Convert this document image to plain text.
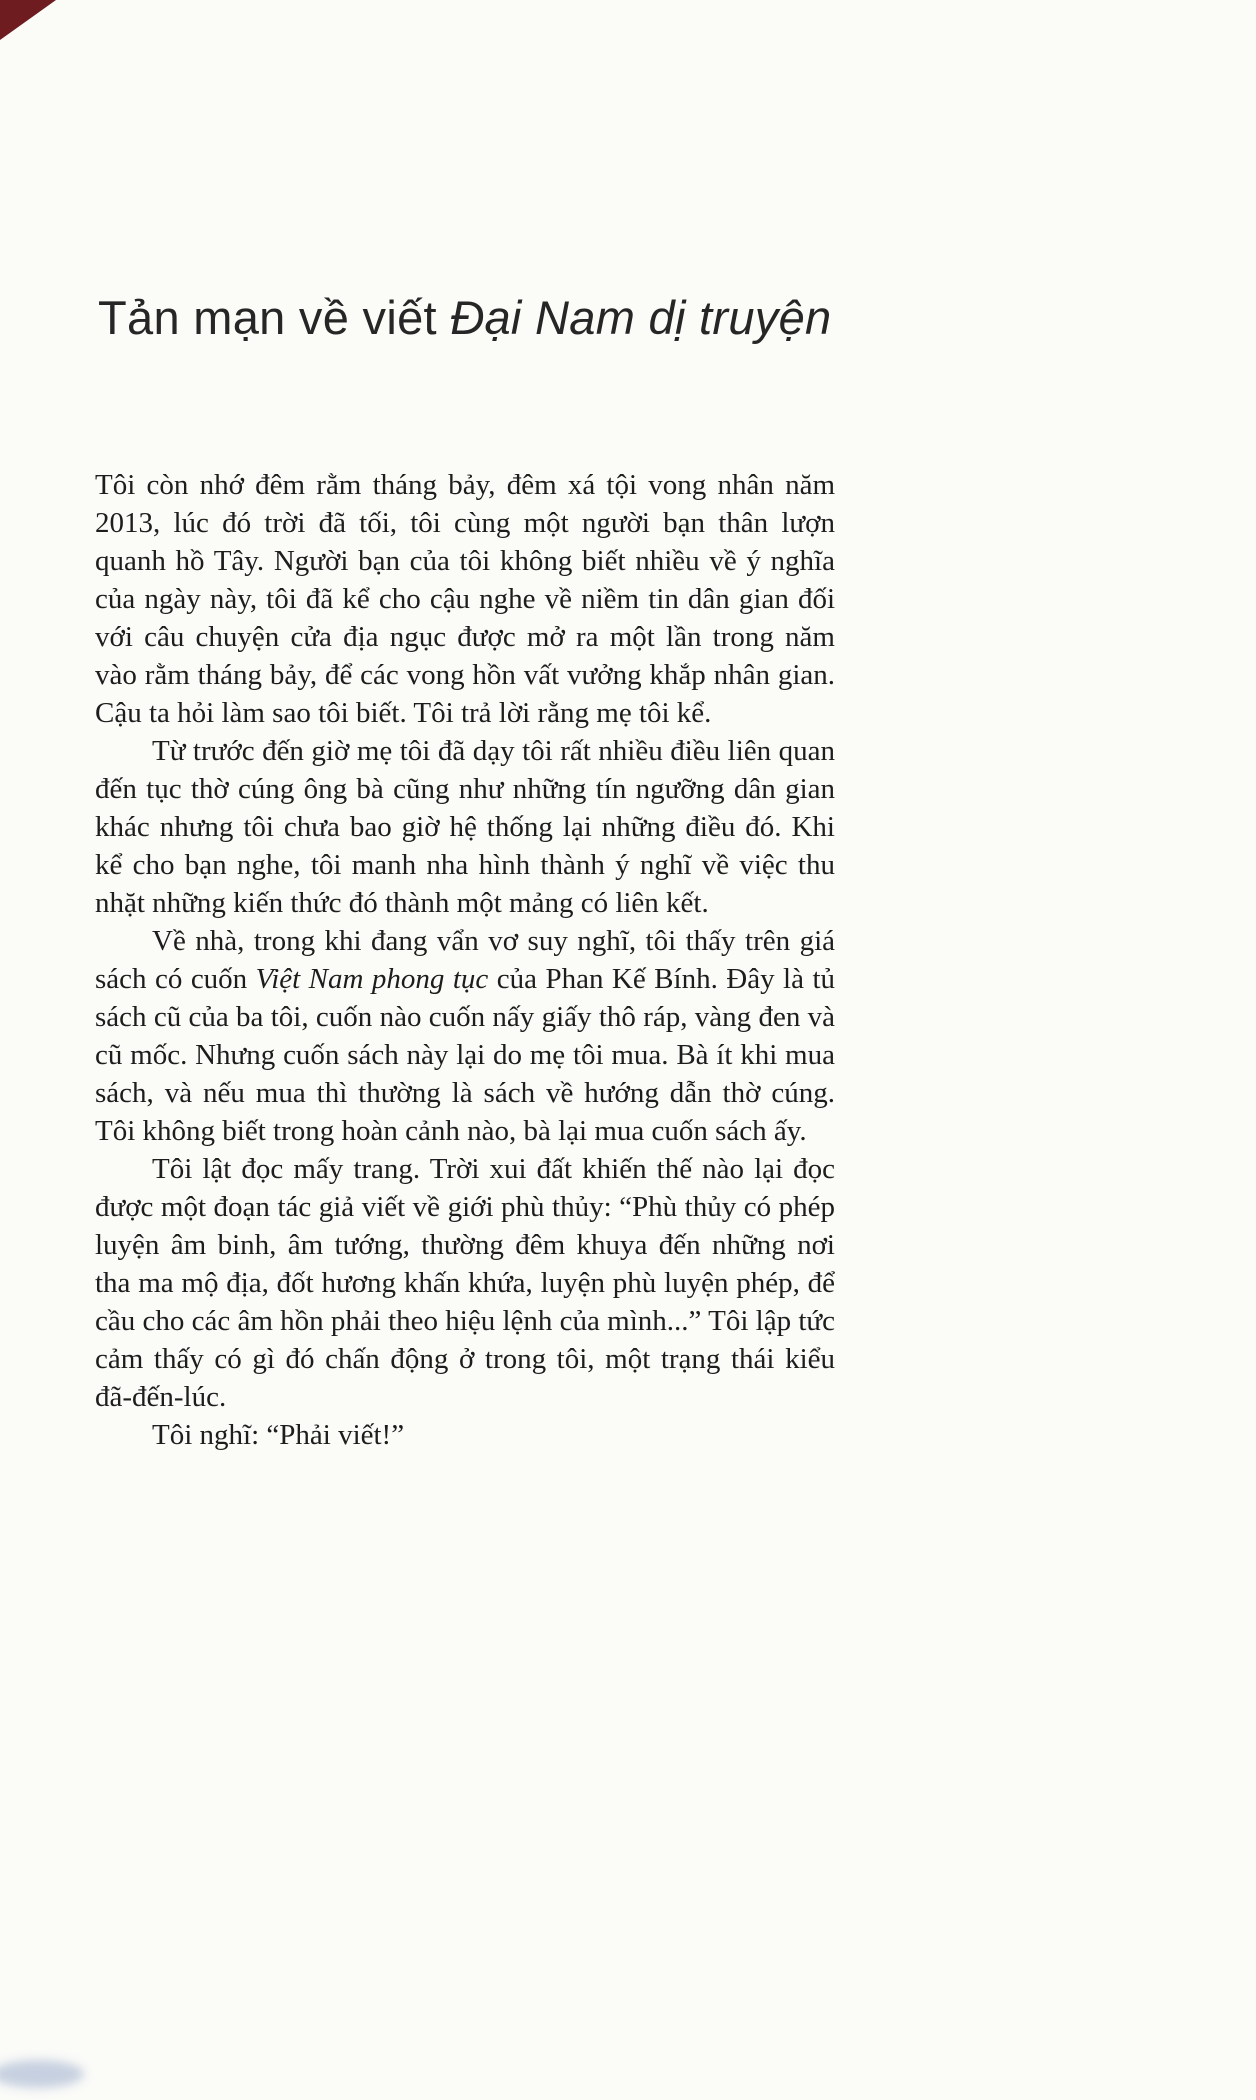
Tản mạn về viết Đại Nam dị truyện

Tôi còn nhớ đêm rằm tháng bảy, đêm xá tội vong nhân năm 2013, lúc đó trời đã tối, tôi cùng một người bạn thân lượn quanh hồ Tây. Người bạn của tôi không biết nhiều về ý nghĩa của ngày này, tôi đã kể cho cậu nghe về niềm tin dân gian đối với câu chuyện cửa địa ngục được mở ra một lần trong năm vào rằm tháng bảy, để các vong hồn vất vưởng khắp nhân gian. Cậu ta hỏi làm sao tôi biết. Tôi trả lời rằng mẹ tôi kể.

Từ trước đến giờ mẹ tôi đã dạy tôi rất nhiều điều liên quan đến tục thờ cúng ông bà cũng như những tín ngưỡng dân gian khác nhưng tôi chưa bao giờ hệ thống lại những điều đó. Khi kể cho bạn nghe, tôi manh nha hình thành ý nghĩ về việc thu nhặt những kiến thức đó thành một mảng có liên kết.

Về nhà, trong khi đang vẩn vơ suy nghĩ, tôi thấy trên giá sách có cuốn Việt Nam phong tục của Phan Kế Bính. Đây là tủ sách cũ của ba tôi, cuốn nào cuốn nấy giấy thô ráp, vàng đen và cũ mốc. Nhưng cuốn sách này lại do mẹ tôi mua. Bà ít khi mua sách, và nếu mua thì thường là sách về hướng dẫn thờ cúng. Tôi không biết trong hoàn cảnh nào, bà lại mua cuốn sách ấy.

Tôi lật đọc mấy trang. Trời xui đất khiến thế nào lại đọc được một đoạn tác giả viết về giới phù thủy: “Phù thủy có phép luyện âm binh, âm tướng, thường đêm khuya đến những nơi tha ma mộ địa, đốt hương khấn khứa, luyện phù luyện phép, để cầu cho các âm hồn phải theo hiệu lệnh của mình...” Tôi lập tức cảm thấy có gì đó chấn động ở trong tôi, một trạng thái kiểu đã-đến-lúc.

Tôi nghĩ: “Phải viết!”
